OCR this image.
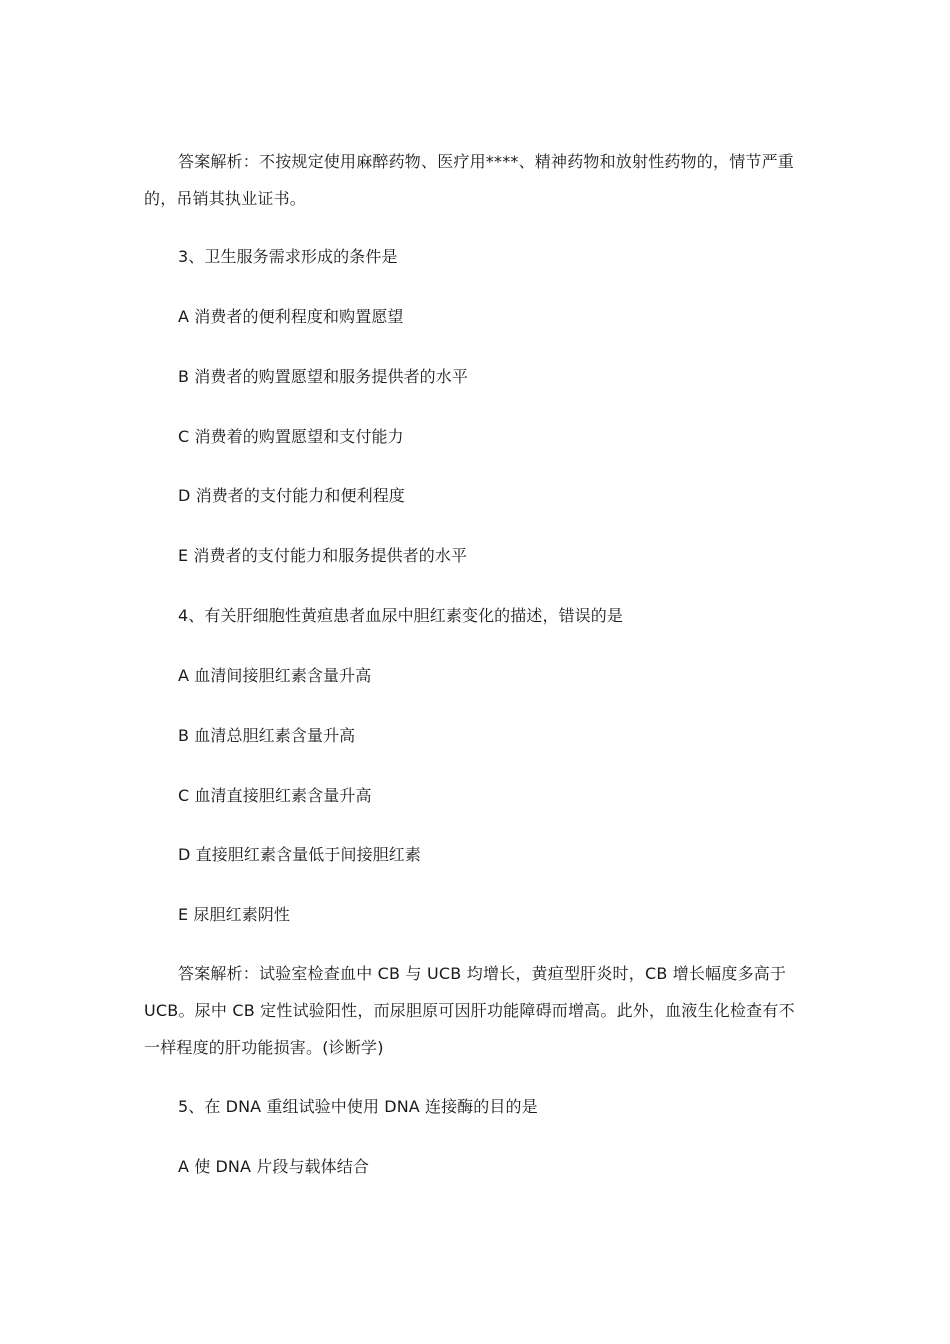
答案解析：不按规定使用麻醉药物、医疗用****、精神药物和放射性药物的，情节严重的，吊销其执业证书。
3、卫生服务需求形成的条件是
A 消费者的便利程度和购置愿望
B 消费者的购置愿望和服务提供者的水平
C 消费着的购置愿望和支付能力
D 消费者的支付能力和便利程度
E 消费者的支付能力和服务提供者的水平
4、有关肝细胞性黄疸患者血尿中胆红素变化的描述，错误的是
A 血清间接胆红素含量升高
B 血清总胆红素含量升高
C 血清直接胆红素含量升高
D 直接胆红素含量低于间接胆红素
E 尿胆红素阴性
答案解析：试验室检查血中 CB 与 UCB 均增长，黄疸型肝炎时，CB 增长幅度多高于 UCB。尿中 CB 定性试验阳性，而尿胆原可因肝功能障碍而增高。此外，血液生化检查有不一样程度的肝功能损害。(诊断学)
5、在 DNA 重组试验中使用 DNA 连接酶的目的是
A 使 DNA 片段与载体结合
